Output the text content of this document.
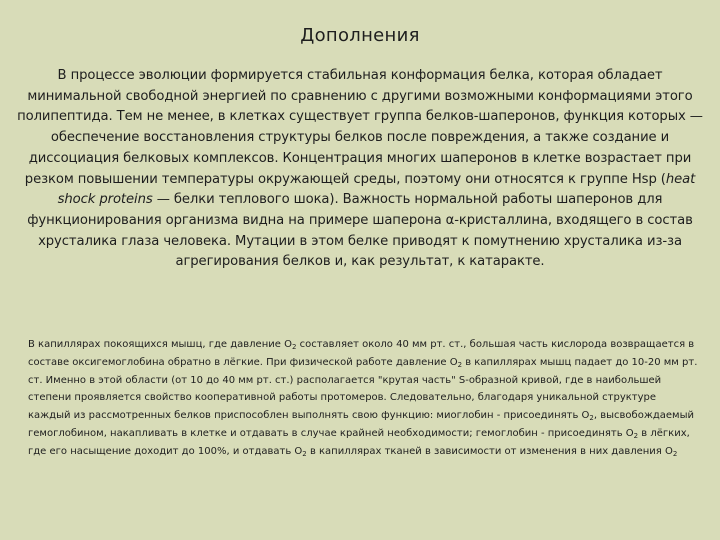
Дополнения

В процессе эволюции формируется стабильная конформация белка, которая обладает минимальной свободной энергией по сравнению с другими возможными конформациями этого полипептида. Тем не менее, в клетках существует группа белков-шаперонов, функция которых — обеспечение восстановления структуры белков после повреждения, а также создание и диссоциация белковых комплексов. Концентрация многих шаперонов в клетке возрастает при резком повышении температуры окружающей среды, поэтому они относятся к группе Hsp (heat shock proteins — белки теплового шока). Важность нормальной работы шаперонов для функционирования организма видна на примере шаперона α-кристаллина, входящего в состав хрусталика глаза человека. Мутации в этом белке приводят к помутнению хрусталика из-за агрегирования белков и, как результат, к катаракте.

В капиллярах покоящихся мышц, где давление $O_2$ составляет около 40 мм рт. ст., большая часть кислорода возвращается в составе оксигемоглобина обратно в лёгкие. При физической работе давление $O_2$ в капиллярах мышц падает до 10-20 мм рт. ст. Именно в этой области (от 10 до 40 мм рт. ст.) располагается "крутая часть" S-образной кривой, где в наибольшей степени проявляется свойство кооперативной работы протомеров. Следовательно, благодаря уникальной структуре каждый из рассмотренных белков приспособлен выполнять свою функцию: миоглобин - присоединять $O_2$, высвобождаемый гемоглобином, накапливать в клетке и отдавать в случае крайней необходимости; гемоглобин - присоединять $O_2$ в лёгких, где его насыщение доходит до 100%, и отдавать $O_2$ в капиллярах тканей в зависимости от изменения в них давления $O_2$
